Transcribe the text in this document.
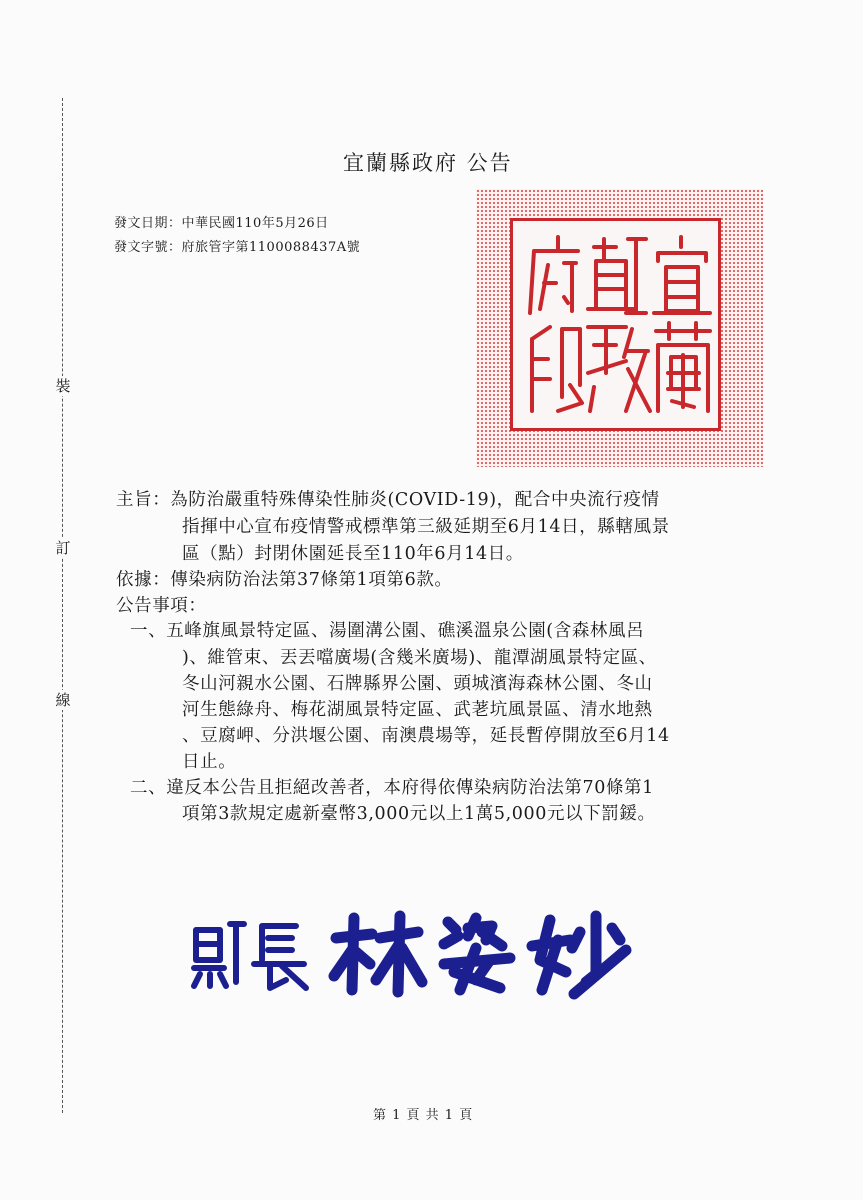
裝
訂
線
宜蘭縣政府 公告
發文日期：中華民國110年5月26日
發文字號：府旅管字第1100088437A號
主旨：為防治嚴重特殊傳染性肺炎(COVID-19)，配合中央流行疫情
指揮中心宣布疫情警戒標準第三級延期至6月14日，縣轄風景
區（點）封閉休園延長至110年6月14日。
依據：傳染病防治法第37條第1項第6款。
公告事項：
一、五峰旗風景特定區、湯圍溝公園、礁溪溫泉公園(含森林風呂
)、維管束、丟丟噹廣場(含幾米廣場)、龍潭湖風景特定區、
冬山河親水公園、石牌縣界公園、頭城濱海森林公園、冬山
河生態綠舟、梅花湖風景特定區、武荖坑風景區、清水地熱
、豆腐岬、分洪堰公園、南澳農場等，延長暫停開放至6月14
日止。
二、違反本公告且拒絕改善者，本府得依傳染病防治法第70條第1
項第3款規定處新臺幣3,000元以上1萬5,000元以下罰鍰。
第 1 頁 共 1 頁
